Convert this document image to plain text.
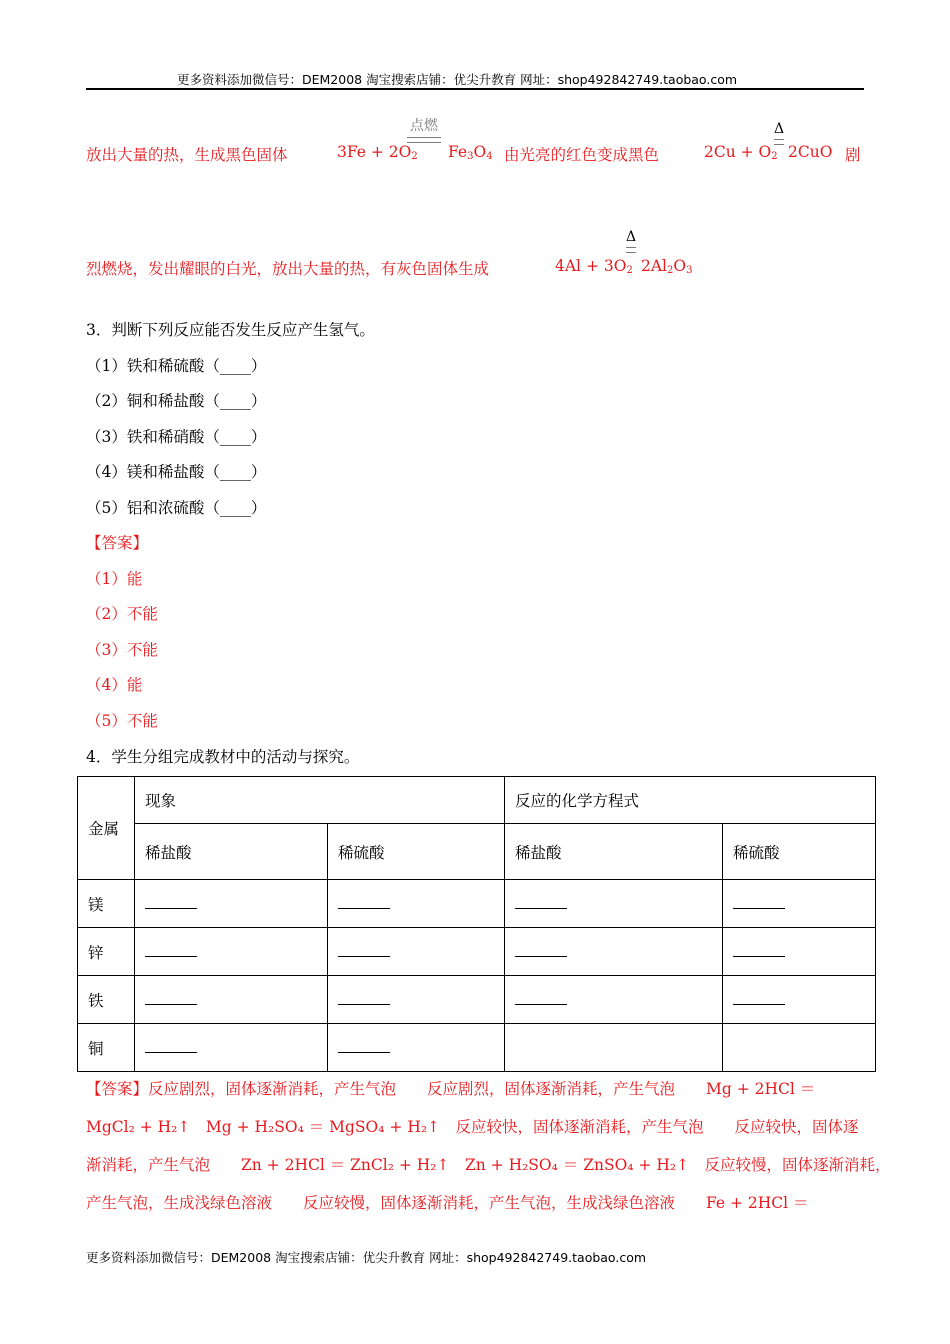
更多资料添加微信号：DEM2008 淘宝搜索店铺：优尖升教育 网址：shop492842749.taobao.com
放出大量的热，生成黑色固体	$3Fe + 2O_2$
点燃
$Fe_3O_4$ 由光亮的红色变成黑色	$2Cu + O_2$
Δ
2CuO 剧
烈燃烧，发出耀眼的白光，放出大量的热，有灰色固体生成	$4Al + 3O_2$
Δ
$2Al_2O_3$
3．判断下列反应能否发生反应产生氢气。
（1）铁和稀硫酸（____）
（2）铜和稀盐酸（____）
（3）铁和稀硝酸（____）
（4）镁和稀盐酸（____）
（5）铝和浓硫酸（____）
【答案】
（1）能
（2）不能
（3）不能
（4）能
（5）不能
4．学生分组完成教材中的活动与探究。
金属	现象		反应的化学方程式	
	稀盐酸	稀硫酸	稀盐酸	稀硫酸
镁				
锌				
铁				
铜				
【答案】反应剧烈，固体逐渐消耗，产生气泡　　反应剧烈，固体逐渐消耗，产生气泡　　Mg + 2HCl ＝
MgCl₂ + H₂↑　Mg + H₂SO₄ ＝ MgSO₄ + H₂↑　反应较快，固体逐渐消耗，产生气泡　　反应较快，固体逐
渐消耗，产生气泡　　Zn + 2HCl ＝ ZnCl₂ + H₂↑　Zn + H₂SO₄ ＝ ZnSO₄ + H₂↑　反应较慢，固体逐渐消耗，
产生气泡，生成浅绿色溶液　　反应较慢，固体逐渐消耗，产生气泡，生成浅绿色溶液　　Fe + 2HCl ＝
更多资料添加微信号：DEM2008 淘宝搜索店铺：优尖升教育 网址：shop492842749.taobao.com
